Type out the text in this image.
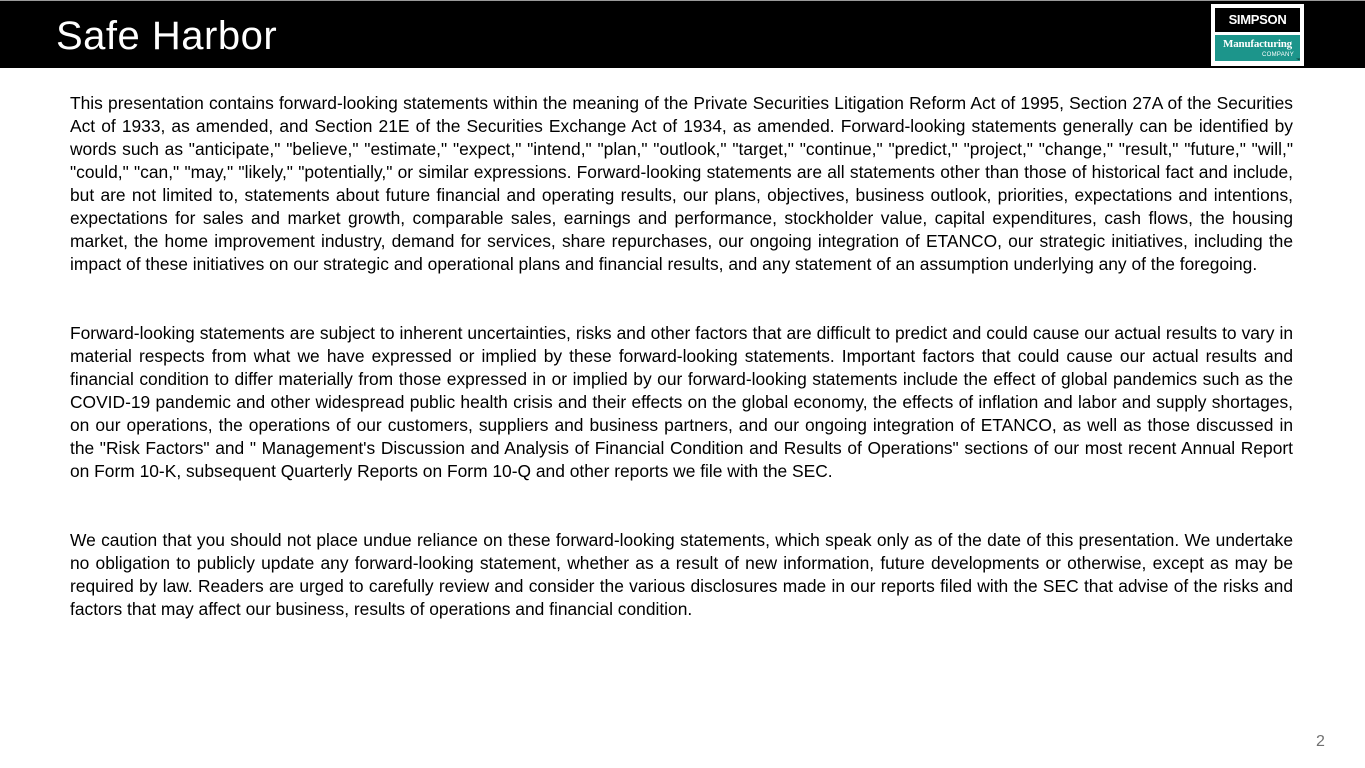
Safe Harbor	SIMPSON
Manufacturing
COMPANY
™

This presentation contains forward-looking statements within the meaning of the Private Securities Litigation Reform Act of 1995, Section 27A of the Securities Act of 1933, as amended, and Section 21E of the Securities Exchange Act of 1934, as amended. Forward-looking statements generally can be identified by words such as "anticipate," "believe," "estimate," "expect," "intend," "plan," "outlook," "target," "continue," "predict," "project," "change," "result," "future," "will," "could," "can," "may," "likely," "potentially," or similar expressions. Forward-looking statements are all statements other than those of historical fact and include, but are not limited to, statements about future financial and operating results, our plans, objectives, business outlook, priorities, expectations and intentions, expectations for sales and market growth, comparable sales, earnings and performance, stockholder value, capital expenditures, cash flows, the housing market, the home improvement industry, demand for services, share repurchases, our ongoing integration of ETANCO, our strategic initiatives, including the impact of these initiatives on our strategic and operational plans and financial results, and any statement of an assumption underlying any of the foregoing.

Forward-looking statements are subject to inherent uncertainties, risks and other factors that are difficult to predict and could cause our actual results to vary in material respects from what we have expressed or implied by these forward-looking statements. Important factors that could cause our actual results and financial condition to differ materially from those expressed in or implied by our forward-looking statements include the effect of global pandemics such as the COVID-19 pandemic and other widespread public health crisis and their effects on the global economy, the effects of inflation and labor and supply shortages, on our operations, the operations of our customers, suppliers and business partners, and our ongoing integration of ETANCO, as well as those discussed in the "Risk Factors" and " Management's Discussion and Analysis of Financial Condition and Results of Operations" sections of our most recent Annual Report on Form 10-K, subsequent Quarterly Reports on Form 10-Q and other reports we file with the SEC.

We caution that you should not place undue reliance on these forward-looking statements, which speak only as of the date of this presentation. We undertake no obligation to publicly update any forward-looking statement, whether as a result of new information, future developments or otherwise, except as may be required by law. Readers are urged to carefully review and consider the various disclosures made in our reports filed with the SEC that advise of the risks and factors that may affect our business, results of operations and financial condition.

2
